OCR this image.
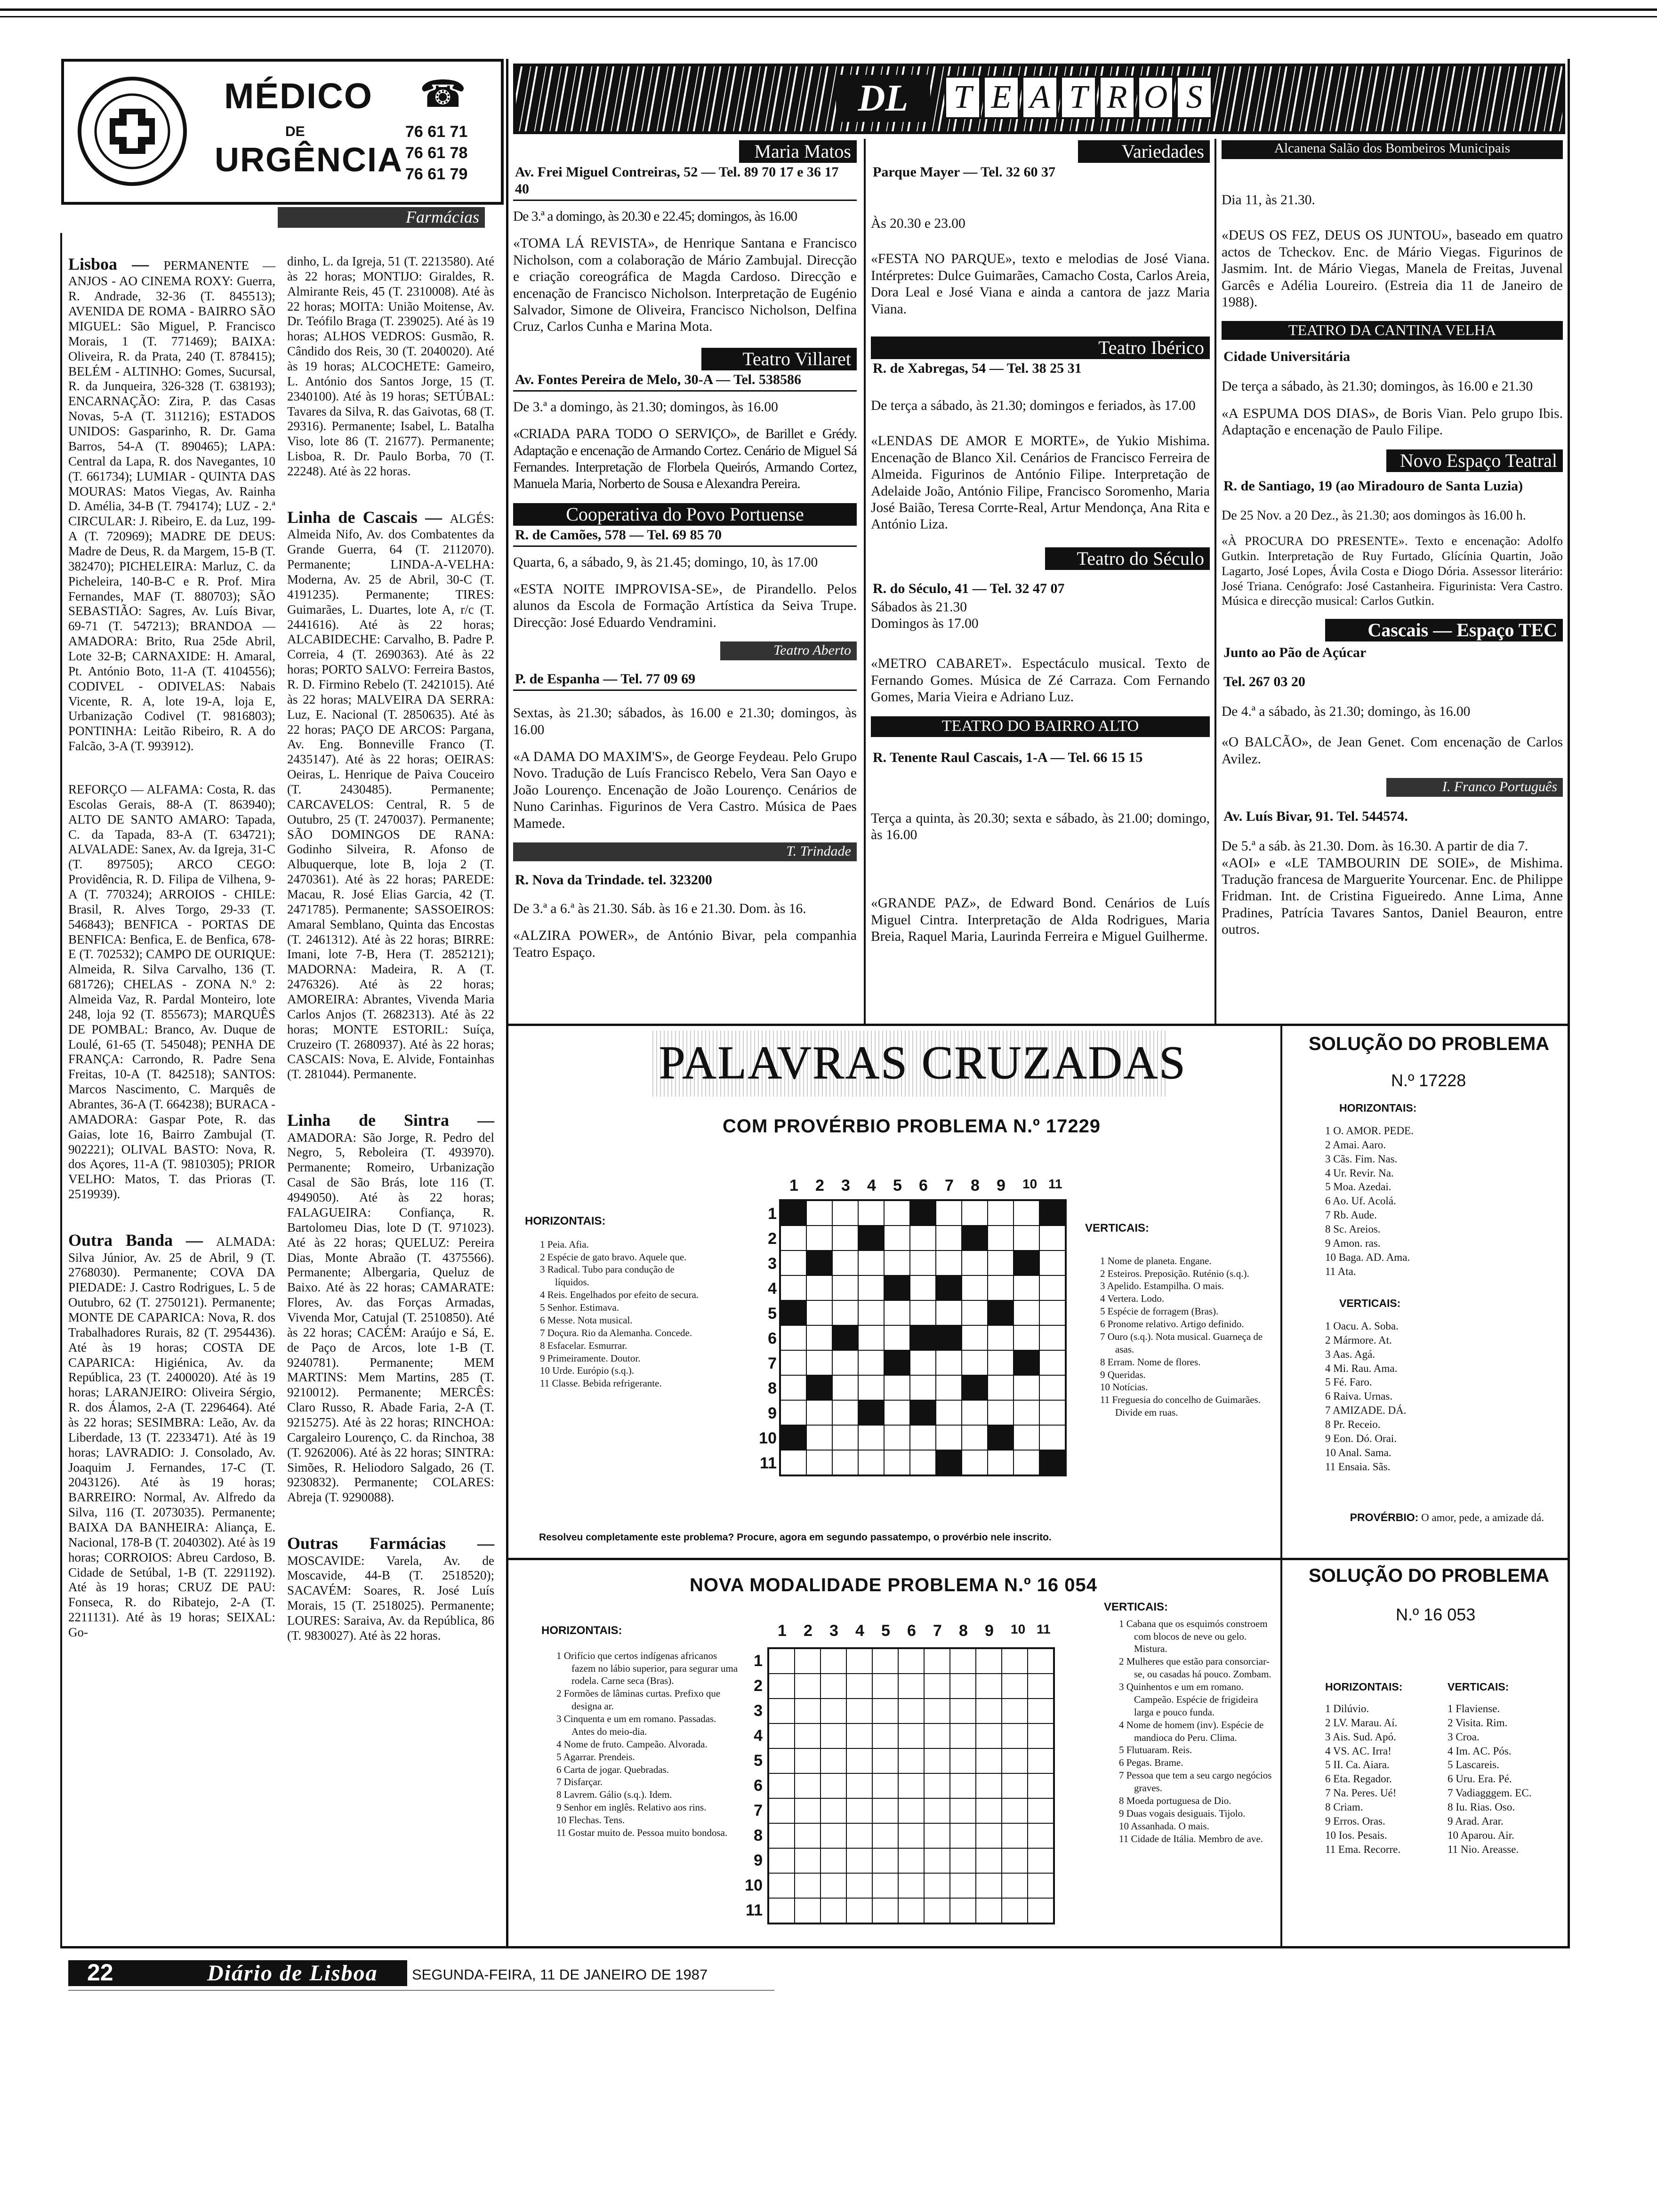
MÉDICO
DE
URGÊNCIA
☎
76 61 71
76 61 78
76 61 79
Farmácias
Lisboa — PERMANENTE — ANJOS - AO CINEMA ROXY: Guerra, R. Andrade, 32-36 (T. 845513); AVENIDA DE ROMA - BAIRRO SÃO MIGUEL: São Miguel, P. Francisco Morais, 1 (T. 771469); BAIXA: Oliveira, R. da Prata, 240 (T. 878415); BELÉM - ALTINHO: Gomes, Sucursal, R. da Junqueira, 326-328 (T. 638193); ENCARNAÇÃO: Zira, P. das Casas Novas, 5-A (T. 311216); ESTADOS UNIDOS: Gasparinho, R. Dr. Gama Barros, 54-A (T. 890465); LAPA: Central da Lapa, R. dos Navegantes, 10 (T. 661734); LUMIAR - QUINTA DAS MOURAS: Matos Viegas, Av. Rainha D. Amélia, 34-B (T. 794174); LUZ - 2.ª CIRCULAR: J. Ribeiro, E. da Luz, 199-A (T. 720969); MADRE DE DEUS: Madre de Deus, R. da Margem, 15-B (T. 382470); PICHELEIRA: Marluz, C. da Picheleira, 140-B-C e R. Prof. Mira Fernandes, MAF (T. 880703); SÃO SEBASTIÃO: Sagres, Av. Luís Bivar, 69-71 (T. 547213); BRANDOA — AMADORA: Brito, Rua 25de Abril, Lote 32-B; CARNAXIDE: H. Amaral, Pt. António Boto, 11-A (T. 4104556); CODIVEL - ODIVELAS: Nabais Vicente, R. A, lote 19-A, loja E, Urbanização Codivel (T. 9816803); PONTINHA: Leitão Ribeiro, R. A do Falcão, 3-A (T. 993912).
REFORÇO — ALFAMA: Costa, R. das Escolas Gerais, 88-A (T. 863940); ALTO DE SANTO AMARO: Tapada, C. da Tapada, 83-A (T. 634721); ALVALADE: Sanex, Av. da Igreja, 31-C (T. 897505); ARCO CEGO: Providência, R. D. Filipa de Vilhena, 9-A (T. 770324); ARROIOS - CHILE: Brasil, R. Alves Torgo, 29-33 (T. 546843); BENFICA - PORTAS DE BENFICA: Benfica, E. de Benfica, 678-E (T. 702532); CAMPO DE OURIQUE: Almeida, R. Silva Carvalho, 136 (T. 681726); CHELAS - ZONA N.º 2: Almeida Vaz, R. Pardal Monteiro, lote 248, loja 92 (T. 855673); MARQUÊS DE POMBAL: Branco, Av. Duque de Loulé, 61-65 (T. 545048); PENHA DE FRANÇA: Carrondo, R. Padre Sena Freitas, 10-A (T. 842518); SANTOS: Marcos Nascimento, C. Marquês de Abrantes, 36-A (T. 664238); BURACA - AMADORA: Gaspar Pote, R. das Gaias, lote 16, Bairro Zambujal (T. 902221); OLIVAL BASTO: Nova, R. dos Açores, 11-A (T. 9810305); PRIOR VELHO: Matos, T. das Prioras (T. 2519939).
Outra Banda — ALMADA: Silva Júnior, Av. 25 de Abril, 9 (T. 2768030). Permanente; COVA DA PIEDADE: J. Castro Rodrigues, L. 5 de Outubro, 62 (T. 2750121). Permanente; MONTE DE CAPARICA: Nova, R. dos Trabalhadores Rurais, 82 (T. 2954436). Até às 19 horas; COSTA DE CAPARICA: Higiénica, Av. da República, 23 (T. 2400020). Até às 19 horas; LARANJEIRO: Oliveira Sérgio, R. dos Álamos, 2-A (T. 2296464). Até às 22 horas; SESIMBRA: Leão, Av. da Liberdade, 13 (T. 2233471). Até às 19 horas; LAVRADIO: J. Consolado, Av. Joaquim J. Fernandes, 17-C (T. 2043126). Até às 19 horas; BARREIRO: Normal, Av. Alfredo da Silva, 116 (T. 2073035). Permanente; BAIXA DA BANHEIRA: Aliança, E. Nacional, 178-B (T. 2040302). Até às 19 horas; CORROIOS: Abreu Cardoso, B. Cidade de Setúbal, 1-B (T. 2291192). Até às 19 horas; CRUZ DE PAU: Fonseca, R. do Ribatejo, 2-A (T. 2211131). Até às 19 horas; SEIXAL: Go-
dinho, L. da Igreja, 51 (T. 2213580). Até às 22 horas; MONTIJO: Giraldes, R. Almirante Reis, 45 (T. 2310008). Até às 22 horas; MOITA: União Moitense, Av. Dr. Teófilo Braga (T. 239025). Até às 19 horas; ALHOS VEDROS: Gusmão, R. Cândido dos Reis, 30 (T. 2040020). Até às 19 horas; ALCOCHETE: Gameiro, L. António dos Santos Jorge, 15 (T. 2340100). Até às 19 horas; SETÚBAL: Tavares da Silva, R. das Gaivotas, 68 (T. 29316). Permanente; Isabel, L. Batalha Viso, lote 86 (T. 21677). Permanente; Lisboa, R. Dr. Paulo Borba, 70 (T. 22248). Até às 22 horas.
Linha de Cascais — ALGÉS: Almeida Nifo, Av. dos Combatentes da Grande Guerra, 64 (T. 2112070). Permanente; LINDA-A-VELHA: Moderna, Av. 25 de Abril, 30-C (T. 4191235). Permanente; TIRES: Guimarães, L. Duartes, lote A, r/c (T. 2441616). Até às 22 horas; ALCABIDECHE: Carvalho, B. Padre P. Correia, 4 (T. 2690363). Até às 22 horas; PORTO SALVO: Ferreira Bastos, R. D. Firmino Rebelo (T. 2421015). Até às 22 horas; MALVEIRA DA SERRA: Luz, E. Nacional (T. 2850635). Até às 22 horas; PAÇO DE ARCOS: Pargana, Av. Eng. Bonneville Franco (T. 2435147). Até às 22 horas; OEIRAS: Oeiras, L. Henrique de Paiva Couceiro (T. 2430485). Permanente; CARCAVELOS: Central, R. 5 de Outubro, 25 (T. 2470037). Permanente; SÃO DOMINGOS DE RANA: Godinho Silveira, R. Afonso de Albuquerque, lote B, loja 2 (T. 2470361). Até às 22 horas; PAREDE: Macau, R. José Elias Garcia, 42 (T. 2471785). Permanente; SASSOEIROS: Amaral Semblano, Quinta das Encostas (T. 2461312). Até às 22 horas; BIRRE: Imani, lote 7-B, Hera (T. 2852121); MADORNA: Madeira, R. A (T. 2476326). Até às 22 horas; AMOREIRA: Abrantes, Vivenda Maria Carlos Anjos (T. 2682313). Até às 22 horas; MONTE ESTORIL: Suíça, Cruzeiro (T. 2680937). Até às 22 horas; CASCAIS: Nova, E. Alvide, Fontainhas (T. 281044). Permanente.
Linha de Sintra — AMADORA: São Jorge, R. Pedro del Negro, 5, Reboleira (T. 493970). Permanente; Romeiro, Urbanização Casal de São Brás, lote 116 (T. 4949050). Até às 22 horas; FALAGUEIRA: Confiança, R. Bartolomeu Dias, lote D (T. 971023). Até às 22 horas; QUELUZ: Pereira Dias, Monte Abraão (T. 4375566). Permanente; Albergaria, Queluz de Baixo. Até às 22 horas; CAMARATE: Flores, Av. das Forças Armadas, Vivenda Mor, Catujal (T. 2510850). Até às 22 horas; CACÉM: Araújo e Sá, E. de Paço de Arcos, lote 1-B (T. 9240781). Permanente; MEM MARTINS: Mem Martins, 285 (T. 9210012). Permanente; MERCÊS: Claro Russo, R. Abade Faria, 2-A (T. 9215275). Até às 22 horas; RINCHOA: Cargaleiro Lourenço, C. da Rinchoa, 38 (T. 9262006). Até às 22 horas; SINTRA: Simões, R. Heliodoro Salgado, 26 (T. 9230832). Permanente; COLARES: Abreja (T. 9290088).
Outras Farmácias — MOSCAVIDE: Varela, Av. de Moscavide, 44-B (T. 2518520); SACAVÉM: Soares, R. José Luís Morais, 15 (T. 2518025). Permanente; LOURES: Saraiva, Av. da República, 86 (T. 9830027). Até às 22 horas.
DL	T E A T R O S
Maria Matos
Av. Frei Miguel Contreiras, 52 — Tel. 89 70 17 e 36 17 40

De 3.ª a domingo, às 20.30 e 22.45; domingos, às 16.00

«TOMA LÁ REVISTA», de Henrique Santana e Francisco Nicholson, com a colaboração de Mário Zambujal. Direcção e criação coreográfica de Magda Cardoso. Direcção e encenação de Francisco Nicholson. Interpretação de Eugénio Salvador, Simone de Oliveira, Francisco Nicholson, Delfina Cruz, Carlos Cunha e Marina Mota.

Teatro Villaret
Av. Fontes Pereira de Melo, 30-A — Tel. 538586

De 3.ª a domingo, às 21.30; domingos, às 16.00

«CRIADA PARA TODO O SERVIÇO», de Barillet e Grédy. Adaptação e encenação de Armando Cortez. Cenário de Miguel Sá Fernandes. Interpretação de Florbela Queirós, Armando Cortez, Manuela Maria, Norberto de Sousa e Alexandra Pereira.

Cooperativa do Povo Portuense
R. de Camões, 578 — Tel. 69 85 70

Quarta, 6, a sábado, 9, às 21.45; domingo, 10, às 17.00

«ESTA NOITE IMPROVISA-SE», de Pirandello. Pelos alunos da Escola de Formação Artística da Seiva Trupe. Direcção: José Eduardo Vendramini.

Teatro Aberto
P. de Espanha — Tel. 77 09 69

Sextas, às 21.30; sábados, às 16.00 e 21.30; domingos, às 16.00

«A DAMA DO MAXIM'S», de George Feydeau. Pelo Grupo Novo. Tradução de Luís Francisco Rebelo, Vera San Oayo e João Lourenço. Encenação de João Lourenço. Cenários de Nuno Carinhas. Figurinos de Vera Castro. Música de Paes Mamede.

T. Trindade
R. Nova da Trindade. tel. 323200

De 3.ª a 6.ª às 21.30. Sáb. às 16 e 21.30. Dom. às 16.

«ALZIRA POWER», de António Bivar, pela companhia Teatro Espaço.

Variedades
Parque Mayer — Tel. 32 60 37

Às 20.30 e 23.00

«FESTA NO PARQUE», texto e melodias de José Viana. Intérpretes: Dulce Guimarães, Camacho Costa, Carlos Areia, Dora Leal e José Viana e ainda a cantora de jazz Maria Viana.

Teatro Ibérico
R. de Xabregas, 54 — Tel. 38 25 31

De terça a sábado, às 21.30; domingos e feriados, às 17.00

«LENDAS DE AMOR E MORTE», de Yukio Mishima. Encenação de Blanco Xil. Cenários de Francisco Ferreira de Almeida. Figurinos de António Filipe. Interpretação de Adelaide João, António Filipe, Francisco Soromenho, Maria José Baião, Teresa Corrte-Real, Artur Mendonça, Ana Rita e António Liza.

Teatro do Século
R. do Século, 41 — Tel. 32 47 07

Sábados às 21.30
Domingos às 17.00

«METRO CABARET». Espectáculo musical. Texto de Fernando Gomes. Música de Zé Carraza. Com Fernando Gomes, Maria Vieira e Adriano Luz.

TEATRO DO BAIRRO ALTO
R. Tenente Raul Cascais, 1-A — Tel. 66 15 15

Terça a quinta, às 20.30; sexta e sábado, às 21.00; domingo, às 16.00

«GRANDE PAZ», de Edward Bond. Cenários de Luís Miguel Cintra. Interpretação de Alda Rodrigues, Maria Breia, Raquel Maria, Laurinda Ferreira e Miguel Guilherme.

Alcanena Salão dos Bombeiros Municipais

Dia 11, às 21.30.

«DEUS OS FEZ, DEUS OS JUNTOU», baseado em quatro actos de Tcheckov. Enc. de Mário Viegas. Figurinos de Jasmim. Int. de Mário Viegas, Manela de Freitas, Juvenal Garcês e Adélia Loureiro. (Estreia dia 11 de Janeiro de 1988).

TEATRO DA CANTINA VELHA
Cidade Universitária

De terça a sábado, às 21.30; domingos, às 16.00 e 21.30

«A ESPUMA DOS DIAS», de Boris Vian. Pelo grupo Ibis. Adaptação e encenação de Paulo Filipe.

Novo Espaço Teatral
R. de Santiago, 19 (ao Miradouro de Santa Luzia)

De 25 Nov. a 20 Dez., às 21.30; aos domingos às 16.00 h.

«À PROCURA DO PRESENTE». Texto e encenação: Adolfo Gutkin. Interpretação de Ruy Furtado, Glícínia Quartin, João Lagarto, José Lopes, Ávila Costa e Diogo Dória. Assessor literário: José Triana. Cenógrafo: José Castanheira. Figurinista: Vera Castro. Música e direcção musical: Carlos Gutkin.

Cascais — Espaço TEC
Junto ao Pão de Açúcar
Tel. 267 03 20

De 4.ª a sábado, às 21.30; domingo, às 16.00

«O BALCÃO», de Jean Genet. Com encenação de Carlos Avilez.

I. Franco Português
Av. Luís Bivar, 91. Tel. 544574.

De 5.ª a sáb. às 21.30. Dom. às 16.30. A partir de dia 7.

«AOI» e «LE TAMBOURIN DE SOIE», de Mishima. Tradução francesa de Marguerite Yourcenar. Enc. de Philippe Fridman. Int. de Cristina Figueiredo. Anne Lima, Anne Pradines, Patrícia Tavares Santos, Daniel Beauron, entre outros.

PALAVRAS CRUZADAS
COM PROVÉRBIO PROBLEMA N.º 17229
HORIZONTAIS:
1 Peia. Afia.
2 Espécie de gato bravo. Aquele que.
3 Radical. Tubo para condução de líquidos.
4 Reis. Engelhados por efeito de secura.
5 Senhor. Estimava.
6 Messe. Nota musical.
7 Doçura. Rio da Alemanha. Concede.
8 Esfacelar. Esmurrar.
9 Primeiramente. Doutor.
10 Urde. Európio (s.q.).
11 Classe. Bebida refrigerante.
VERTICAIS:
1 Nome de planeta. Engane.
2 Esteiros. Preposição. Ruténio (s.q.).
3 Apelido. Estampilha. O mais.
4 Vertera. Lodo.
5 Espécie de forragem (Bras).
6 Pronome relativo. Artigo definido.
7 Ouro (s.q.). Nota musical. Guarneça de asas.
8 Erram. Nome de flores.
9 Queridas.
10 Notícias.
11 Freguesia do concelho de Guimarães. Divide em ruas.
1 2 3 4 5 6 7 8 9 10 11
1
2
3
4
5
6
7
8
9
10
11
Resolveu completamente este problema? Procure, agora em segundo passatempo, o provérbio nele inscrito.
SOLUÇÃO DO PROBLEMA
N.º 17228
HORIZONTAIS:
1 O. AMOR. PEDE.
2 Amai. Aaro.
3 Cãs. Fim. Nas.
4 Ur. Revir. Na.
5 Moa. Azedai.
6 Ao. Uf. Acolá.
7 Rb. Aude.
8 Sc. Areios.
9 Amon. ras.
10 Baga. AD. Ama.
11 Ata.
VERTICAIS:
1 Oacu. A. Soba.
2 Mármore. At.
3 Aas. Agá.
4 Mi. Rau. Ama.
5 Fé. Faro.
6 Raiva. Urnas.
7 AMIZADE. DÁ.
8 Pr. Receio.
9 Eon. Dó. Orai.
10 Anal. Sama.
11 Ensaia. Sãs.
PROVÉRBIO: O amor, pede, a amizade dá.
NOVA MODALIDADE PROBLEMA N.º 16 054
HORIZONTAIS:
1 Orifício que certos indígenas africanos fazem no lábio superior, para segurar uma rodela. Carne seca (Bras).
2 Formões de lâminas curtas. Prefixo que designa ar.
3 Cinquenta e um em romano. Passadas. Antes do meio-dia.
4 Nome de fruto. Campeão. Alvorada.
5 Agarrar. Prendeis.
6 Carta de jogar. Quebradas.
7 Disfarçar.
8 Lavrem. Gálio (s.q.). Idem.
9 Senhor em inglês. Relativo aos rins.
10 Flechas. Tens.
11 Gostar muito de. Pessoa muito bondosa.
VERTICAIS:
1 Cabana que os esquimós constroem com blocos de neve ou gelo. Mistura.
2 Mulheres que estão para consorciar-se, ou casadas há pouco. Zombam.
3 Quinhentos e um em romano. Campeão. Espécie de frigideira larga e pouco funda.
4 Nome de homem (inv). Espécie de mandioca do Peru. Clima.
5 Flutuaram. Reis.
6 Pegas. Brame.
7 Pessoa que tem a seu cargo negócios graves.
8 Moeda portuguesa de Dio.
9 Duas vogais desiguais. Tijolo.
10 Assanhada. O mais.
11 Cidade de Itália. Membro de ave.
1 2 3 4 5 6 7 8 9 10 11
1
2
3
4
5
6
7
8
9
10
11
SOLUÇÃO DO PROBLEMA
N.º 16 053
HORIZONTAIS:
1 Dilúvio.
2 LV. Marau. Aí.
3 Ais. Sud. Apó.
4 VS. AC. Irra!
5 II. Ca. Aiara.
6 Eta. Regador.
7 Na. Peres. Ué!
8 Criam.
9 Erros. Oras.
10 Ios. Pesais.
11 Ema. Recorre.
VERTICAIS:
1 Flaviense.
2 Visita. Rim.
3 Croa.
4 Im. AC. Pós.
5 Lascareis.
6 Uru. Era. Pé.
7 Vadiagggem. EC.
8 Iu. Rias. Oso.
9 Arad. Arar.
10 Aparou. Air.
11 Nio. Areasse.
22	Diário de Lisboa SEGUNDA-FEIRA, 11 DE JANEIRO DE 1987
